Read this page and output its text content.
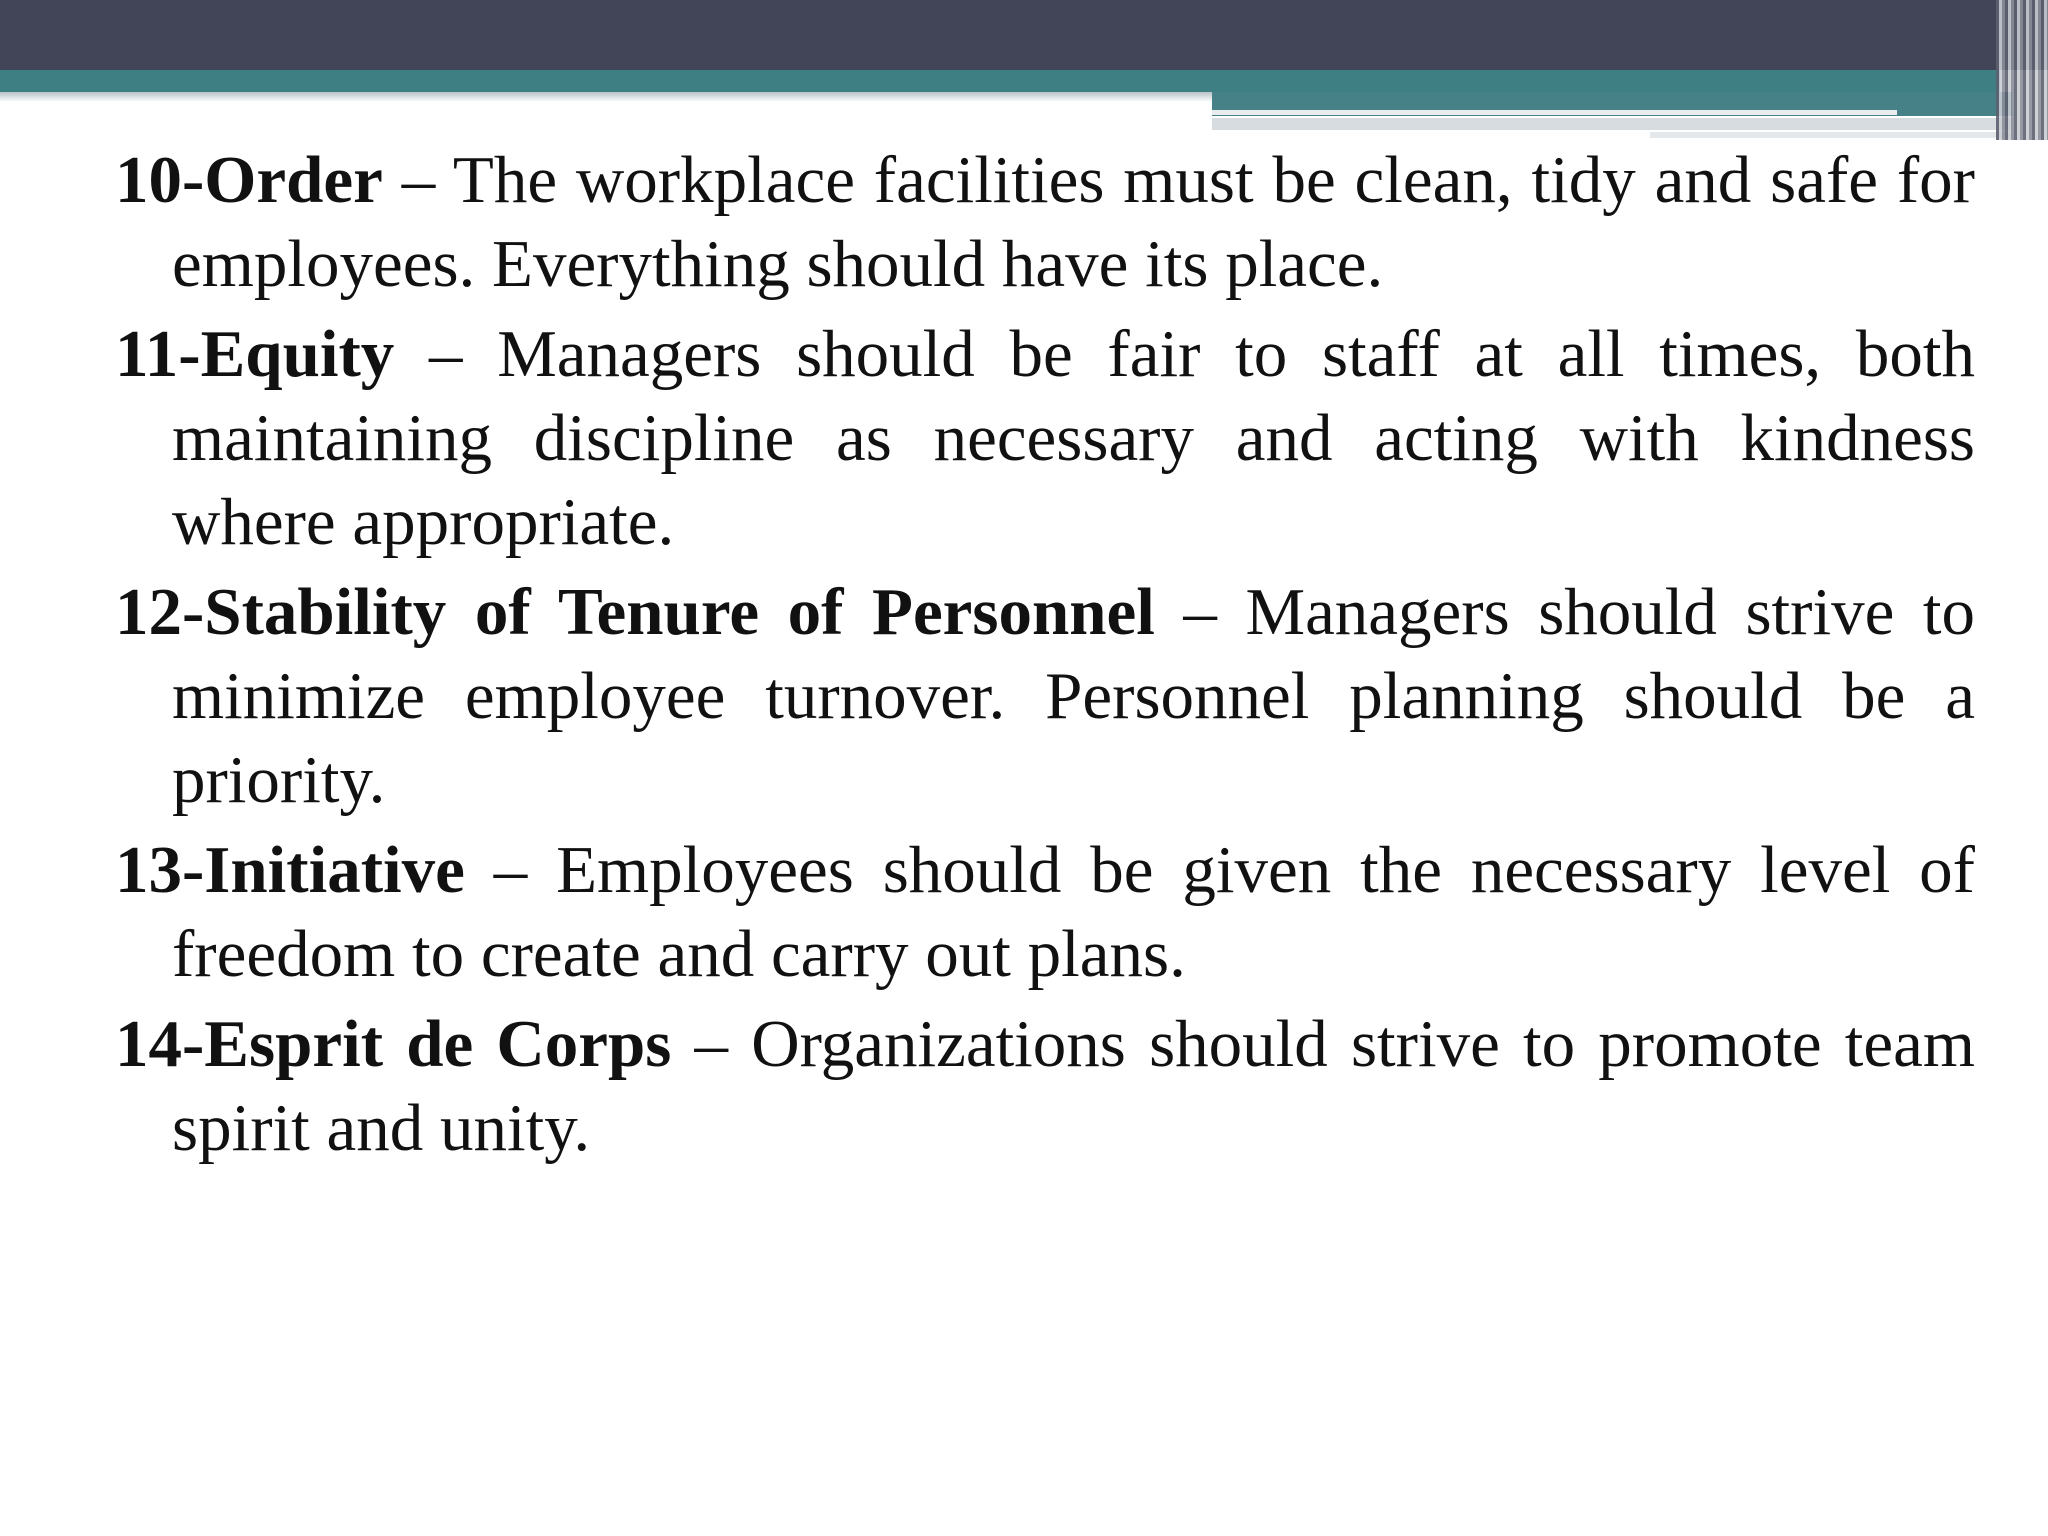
10-Order – The workplace facilities must be clean, tidy and safe for employees. Everything should have its place.

11-Equity – Managers should be fair to staff at all times, both maintaining discipline as necessary and acting with kindness where appropriate.

12-Stability of Tenure of Personnel – Managers should strive to minimize employee turnover. Personnel planning should be a priority.

13-Initiative – Employees should be given the necessary level of freedom to create and carry out plans.

14-Esprit de Corps – Organizations should strive to promote team spirit and unity.
